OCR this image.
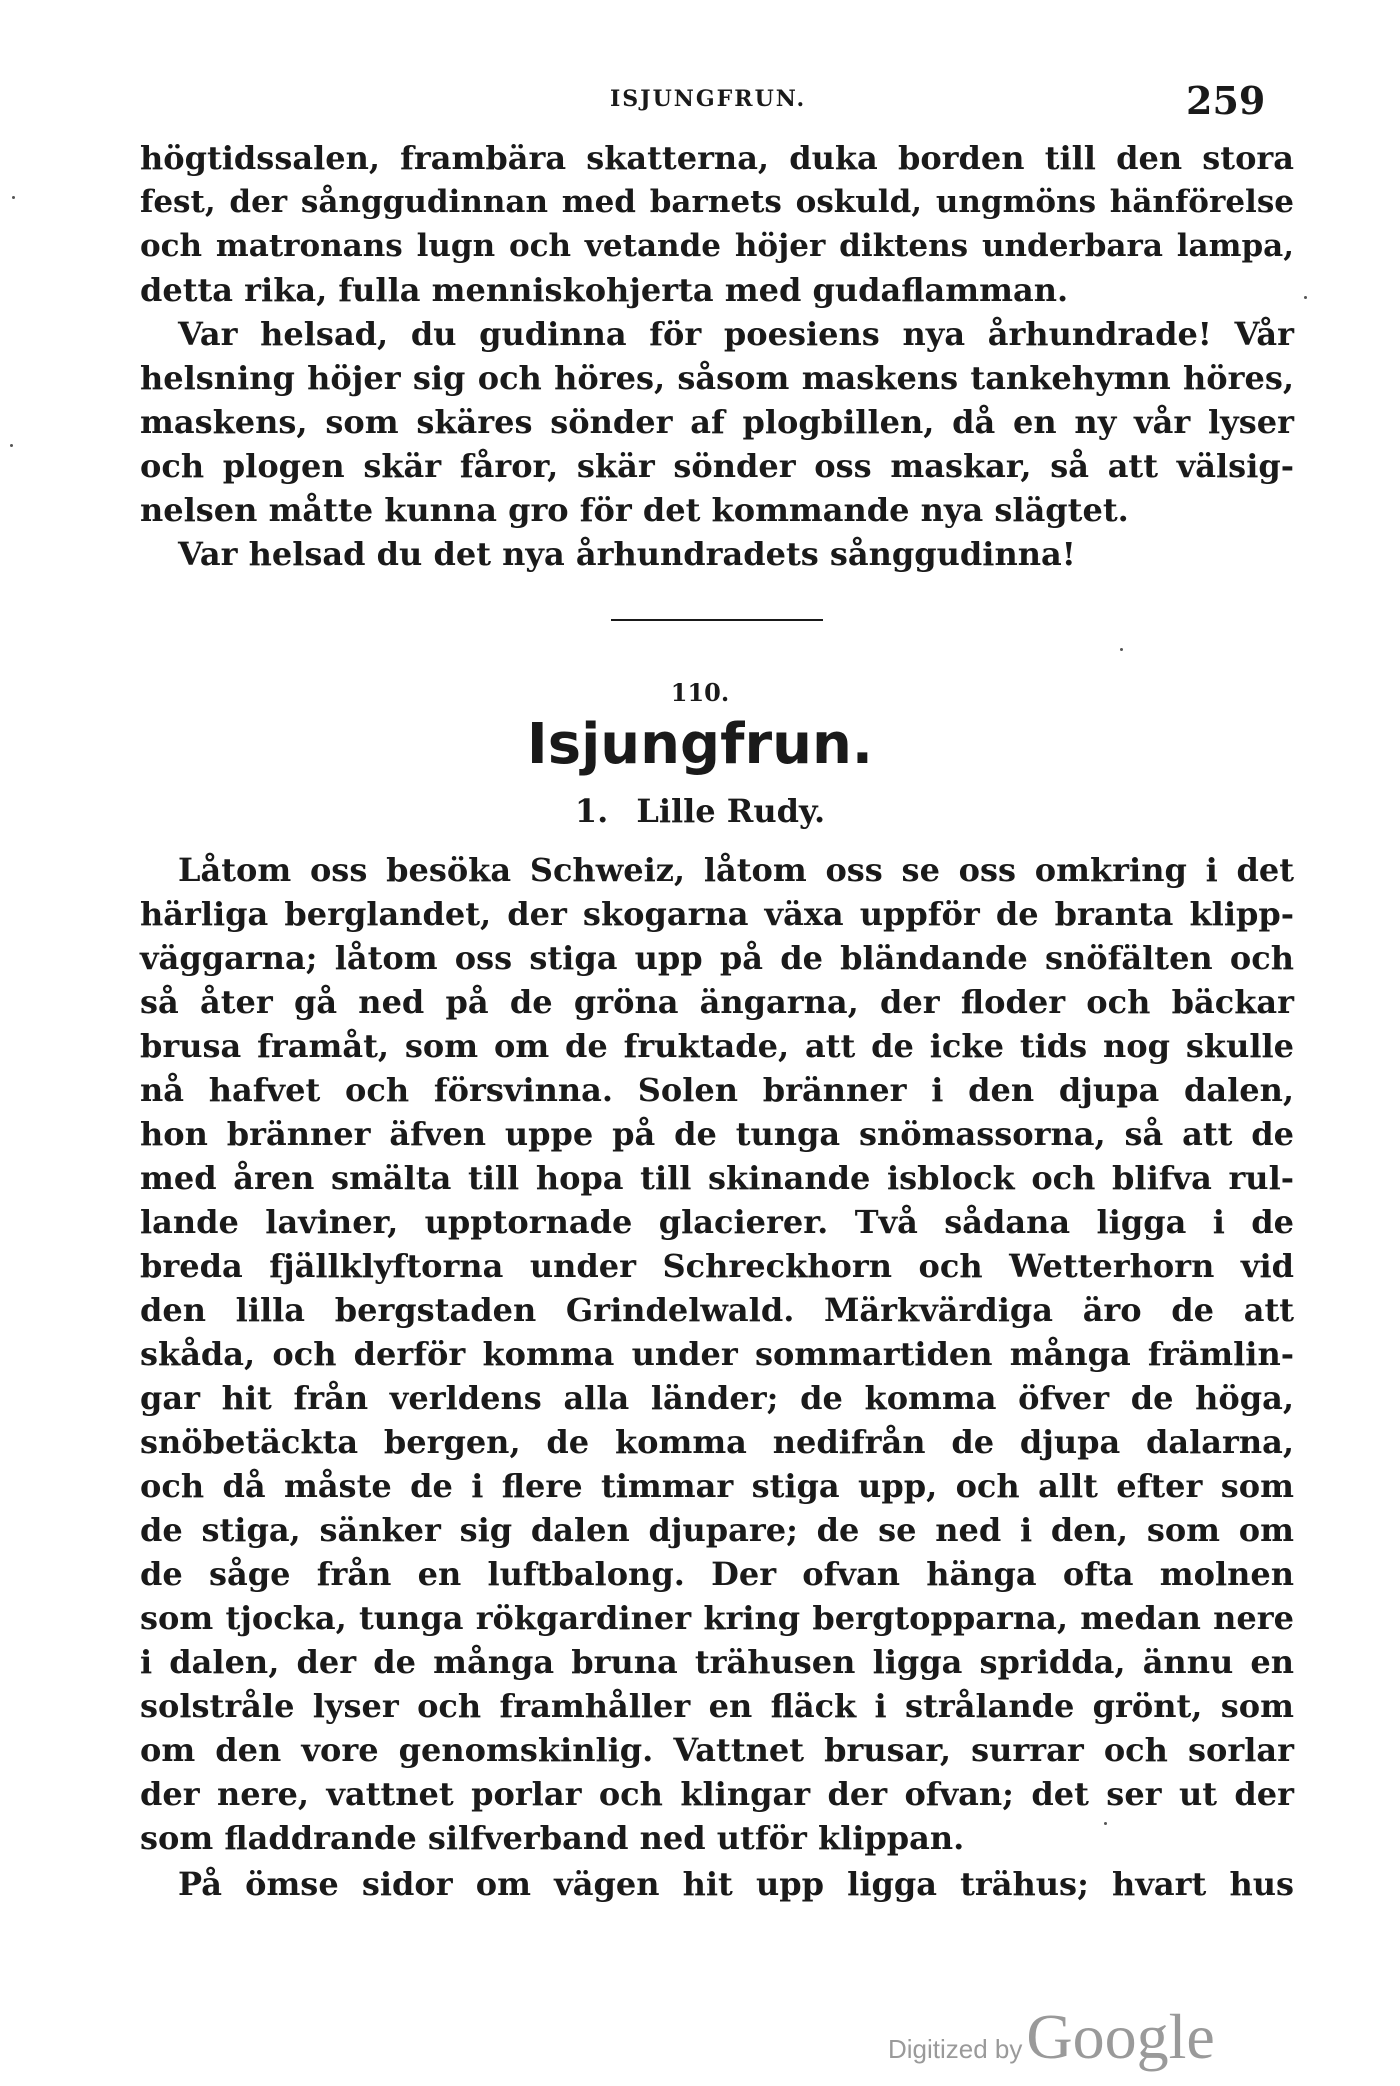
ISJUNGFRUN.	259
högtidssalen, frambära skatterna, duka borden till den stora
fest, der sånggudinnan med barnets oskuld, ungmöns hänförelse
och matronans lugn och vetande höjer diktens underbara lampa,
detta rika, fulla menniskohjerta med gudaflamman.
Var helsad, du gudinna för poesiens nya århundrade! Vår
helsning höjer sig och höres, såsom maskens tankehymn höres,
maskens, som skäres sönder af plogbillen, då en ny vår lyser
och plogen skär fåror, skär sönder oss maskar, så att välsig-
nelsen måtte kunna gro för det kommande nya slägtet.
Var helsad du det nya århundradets sånggudinna!
110.
Isjungfrun.
1. Lille Rudy.
Låtom oss besöka Schweiz, låtom oss se oss omkring i det
härliga berglandet, der skogarna växa uppför de branta klipp-
väggarna; låtom oss stiga upp på de bländande snöfälten och
så åter gå ned på de gröna ängarna, der floder och bäckar
brusa framåt, som om de fruktade, att de icke tids nog skulle
nå hafvet och försvinna. Solen bränner i den djupa dalen,
hon bränner äfven uppe på de tunga snömassorna, så att de
med åren smälta till hopa till skinande isblock och blifva rul-
lande laviner, upptornade glacierer. Två sådana ligga i de
breda fjällklyftorna under Schreckhorn och Wetterhorn vid
den lilla bergstaden Grindelwald. Märkvärdiga äro de att
skåda, och derför komma under sommartiden många främlin-
gar hit från verldens alla länder; de komma öfver de höga,
snöbetäckta bergen, de komma nedifrån de djupa dalarna,
och då måste de i flere timmar stiga upp, och allt efter som
de stiga, sänker sig dalen djupare; de se ned i den, som om
de såge från en luftbalong. Der ofvan hänga ofta molnen
som tjocka, tunga rökgardiner kring bergtopparna, medan nere
i dalen, der de många bruna trähusen ligga spridda, ännu en
solstråle lyser och framhåller en fläck i strålande grönt, som
om den vore genomskinlig. Vattnet brusar, surrar och sorlar
der nere, vattnet porlar och klingar der ofvan; det ser ut der
som fladdrande silfverband ned utför klippan.
På ömse sidor om vägen hit upp ligga trähus; hvart hus
Digitized byGoogle
